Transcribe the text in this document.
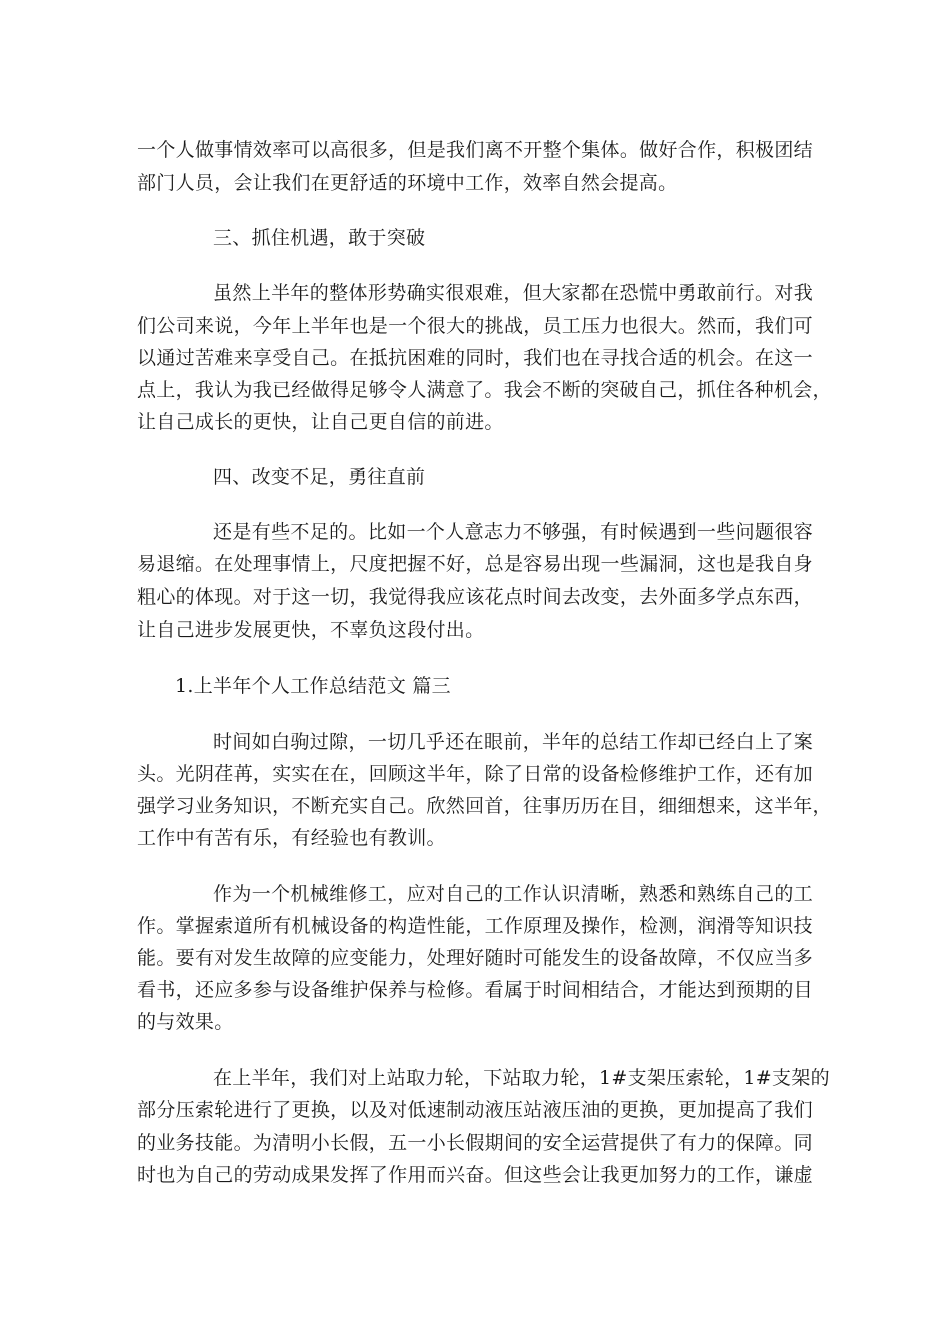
一个人做事情效率可以高很多，但是我们离不开整个集体。做好合作，积极团结
部门人员，会让我们在更舒适的环境中工作，效率自然会提高。
三、抓住机遇，敢于突破
虽然上半年的整体形势确实很艰难，但大家都在恐慌中勇敢前行。对我
们公司来说，今年上半年也是一个很大的挑战，员工压力也很大。然而，我们可
以通过苦难来享受自己。在抵抗困难的同时，我们也在寻找合适的机会。在这一
点上，我认为我已经做得足够令人满意了。我会不断的突破自己，抓住各种机会，
让自己成长的更快，让自己更自信的前进。
四、改变不足，勇往直前
还是有些不足的。比如一个人意志力不够强，有时候遇到一些问题很容
易退缩。在处理事情上，尺度把握不好，总是容易出现一些漏洞，这也是我自身
粗心的体现。对于这一切，我觉得我应该花点时间去改变，去外面多学点东西，
让自己进步发展更快，不辜负这段付出。
1.上半年个人工作总结范文 篇三
时间如白驹过隙，一切几乎还在眼前，半年的总结工作却已经白上了案
头。光阴荏苒，实实在在，回顾这半年，除了日常的设备检修维护工作，还有加
强学习业务知识，不断充实自己。欣然回首，往事历历在目，细细想来，这半年，
工作中有苦有乐，有经验也有教训。
作为一个机械维修工，应对自己的工作认识清晰，熟悉和熟练自己的工
作。掌握索道所有机械设备的构造性能，工作原理及操作，检测，润滑等知识技
能。要有对发生故障的应变能力，处理好随时可能发生的设备故障，不仅应当多
看书，还应多参与设备维护保养与检修。看属于时间相结合，才能达到预期的目
的与效果。
在上半年，我们对上站取力轮，下站取力轮，1#支架压索轮，1#支架的
部分压索轮进行了更换，以及对低速制动液压站液压油的更换，更加提高了我们
的业务技能。为清明小长假，五一小长假期间的安全运营提供了有力的保障。同
时也为自己的劳动成果发挥了作用而兴奋。但这些会让我更加努力的工作，谦虚
